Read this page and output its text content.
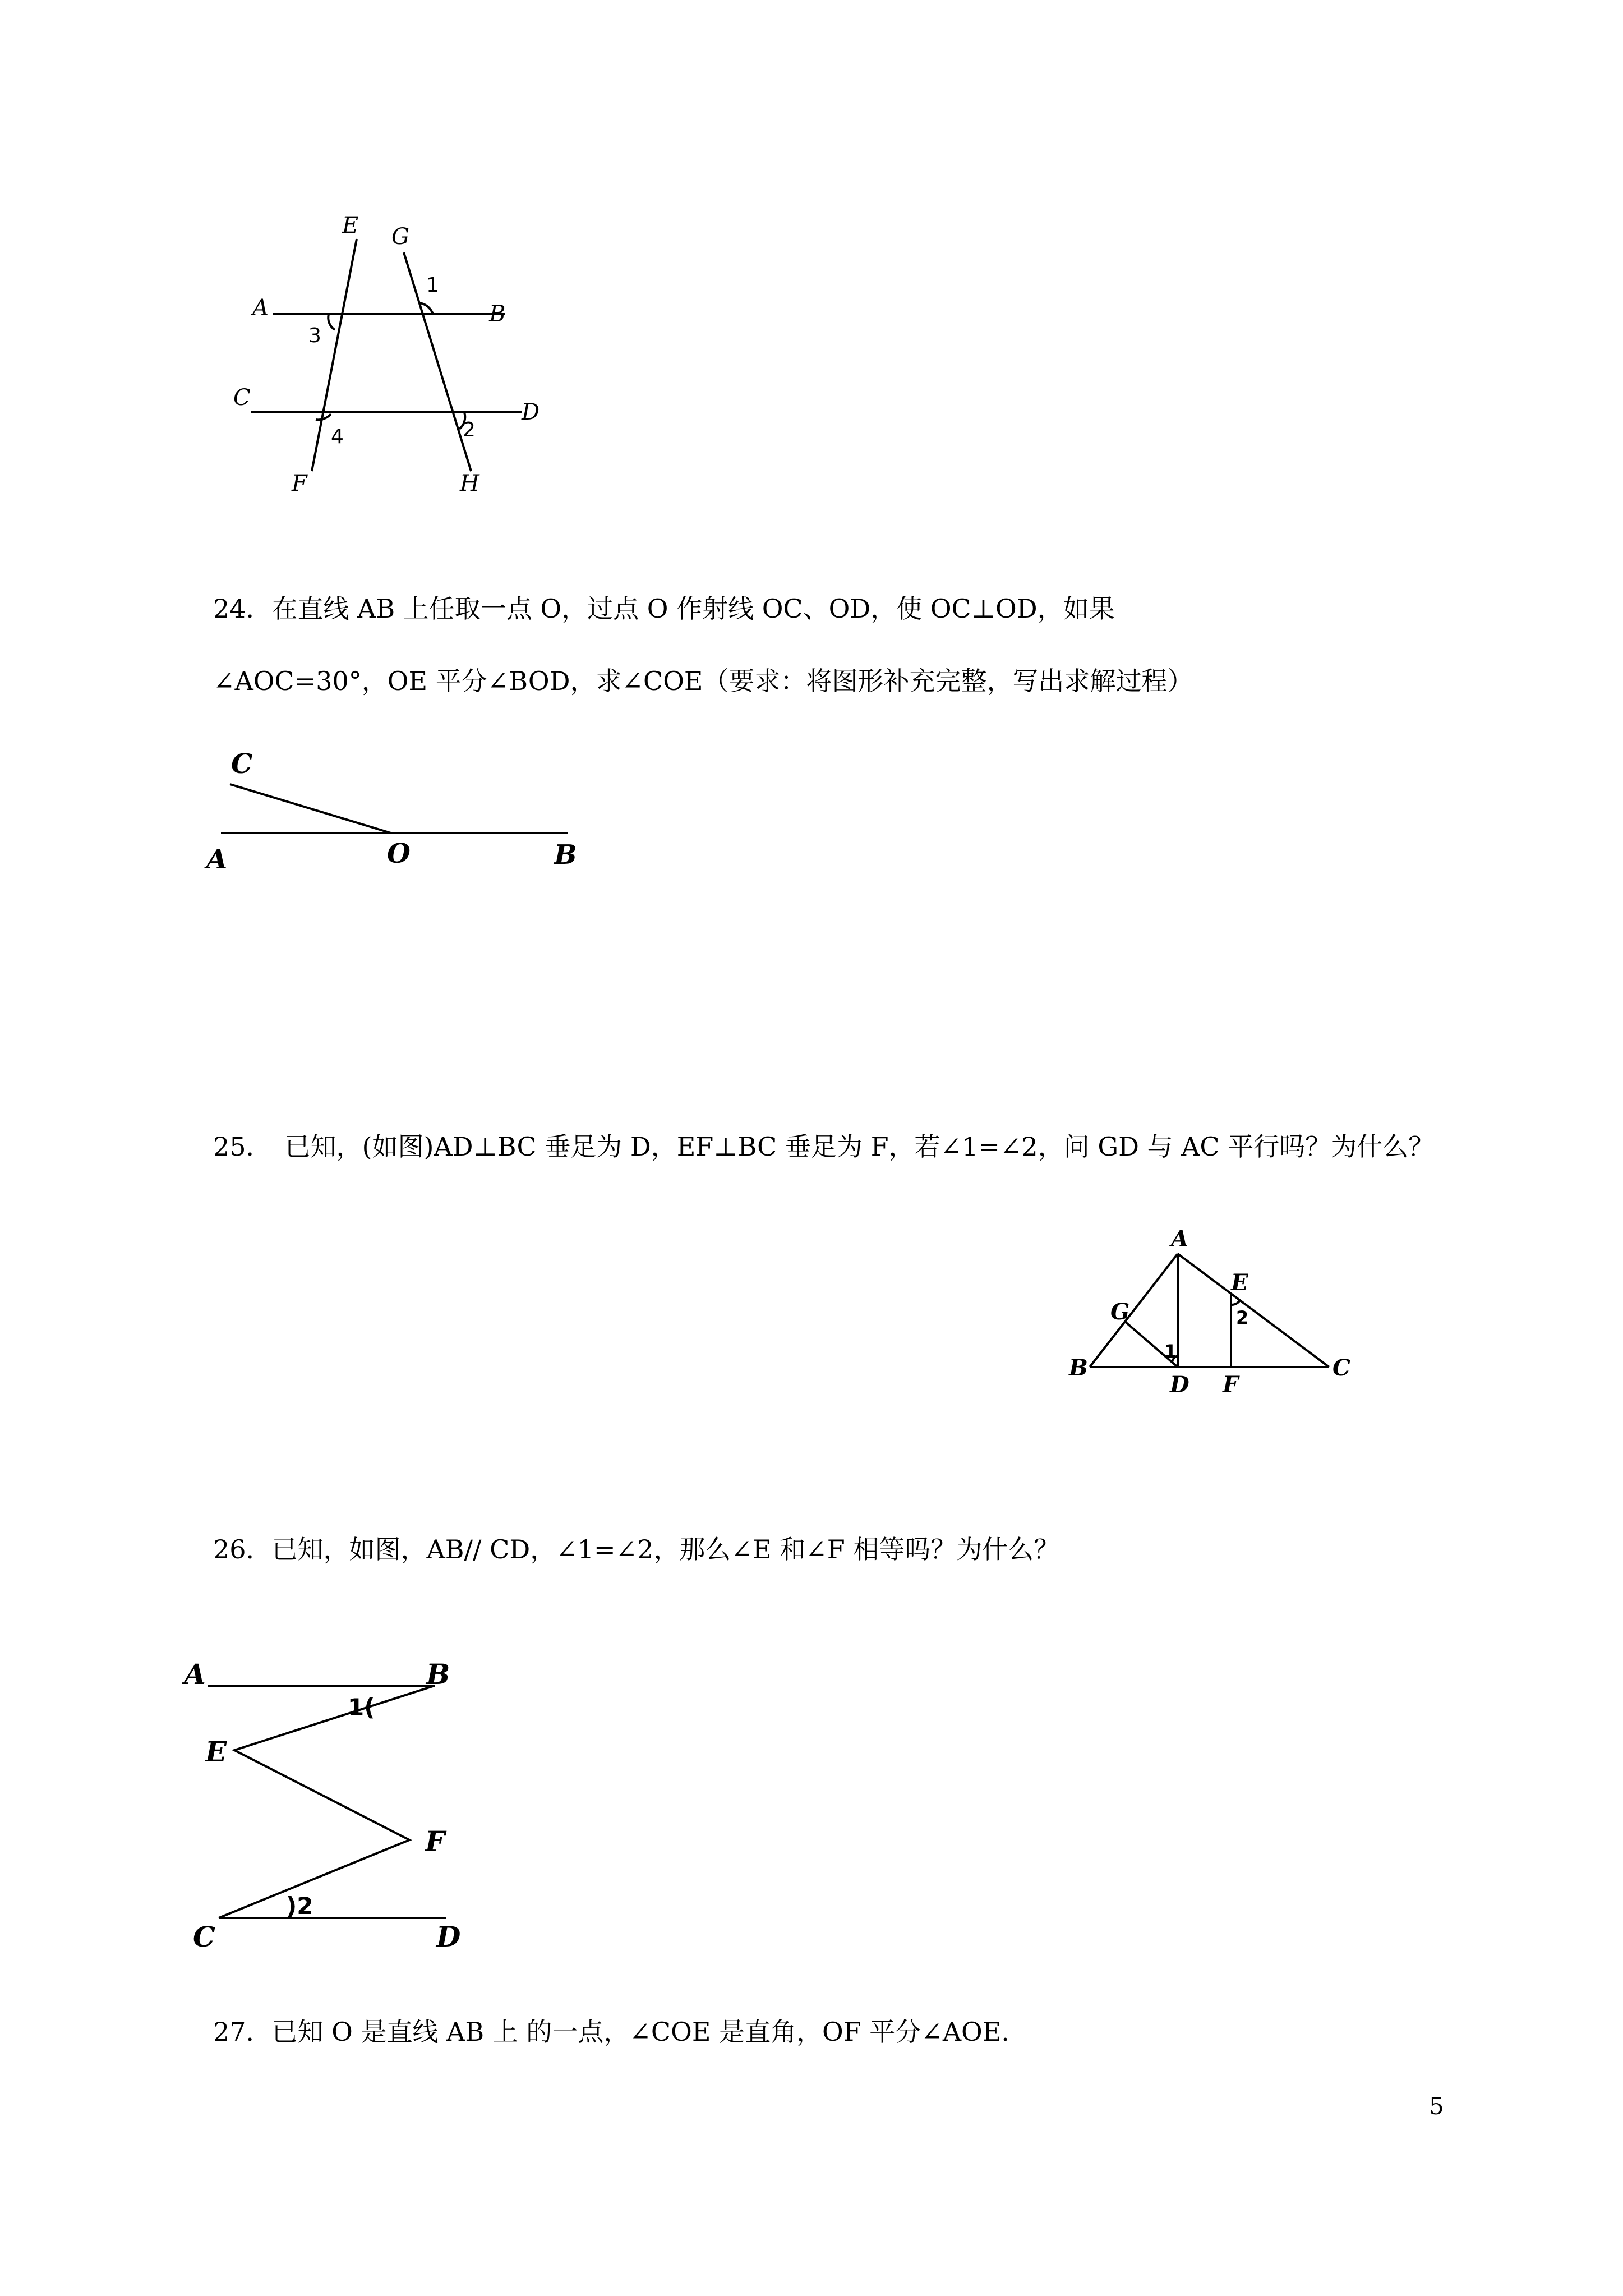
E G
A	B
C
D
F	H
1
3
4	2

24．在直线 AB 上任取一点 O，过点 O 作射线 OC、OD，使 OC⊥OD，如果

∠AOC=30°，OE 平分∠BOD，求∠COE（要求：将图形补充完整，写出求解过程）

C
A	O	B

25．　已知，(如图)AD⊥BC 垂足为 D，EF⊥BC 垂足为 F，若∠1=∠2，问 GD 与 AC 平行吗？为什么？

A
E
G
1
2
B
D F
C

26．已知，如图，AB// CD，∠1=∠2，那么∠E 和∠F 相等吗？为什么？

A	B
1(
E
F
)2
C	D

27．已知 O 是直线 AB 上 的一点，∠COE 是直角，OF 平分∠AOE.

5
